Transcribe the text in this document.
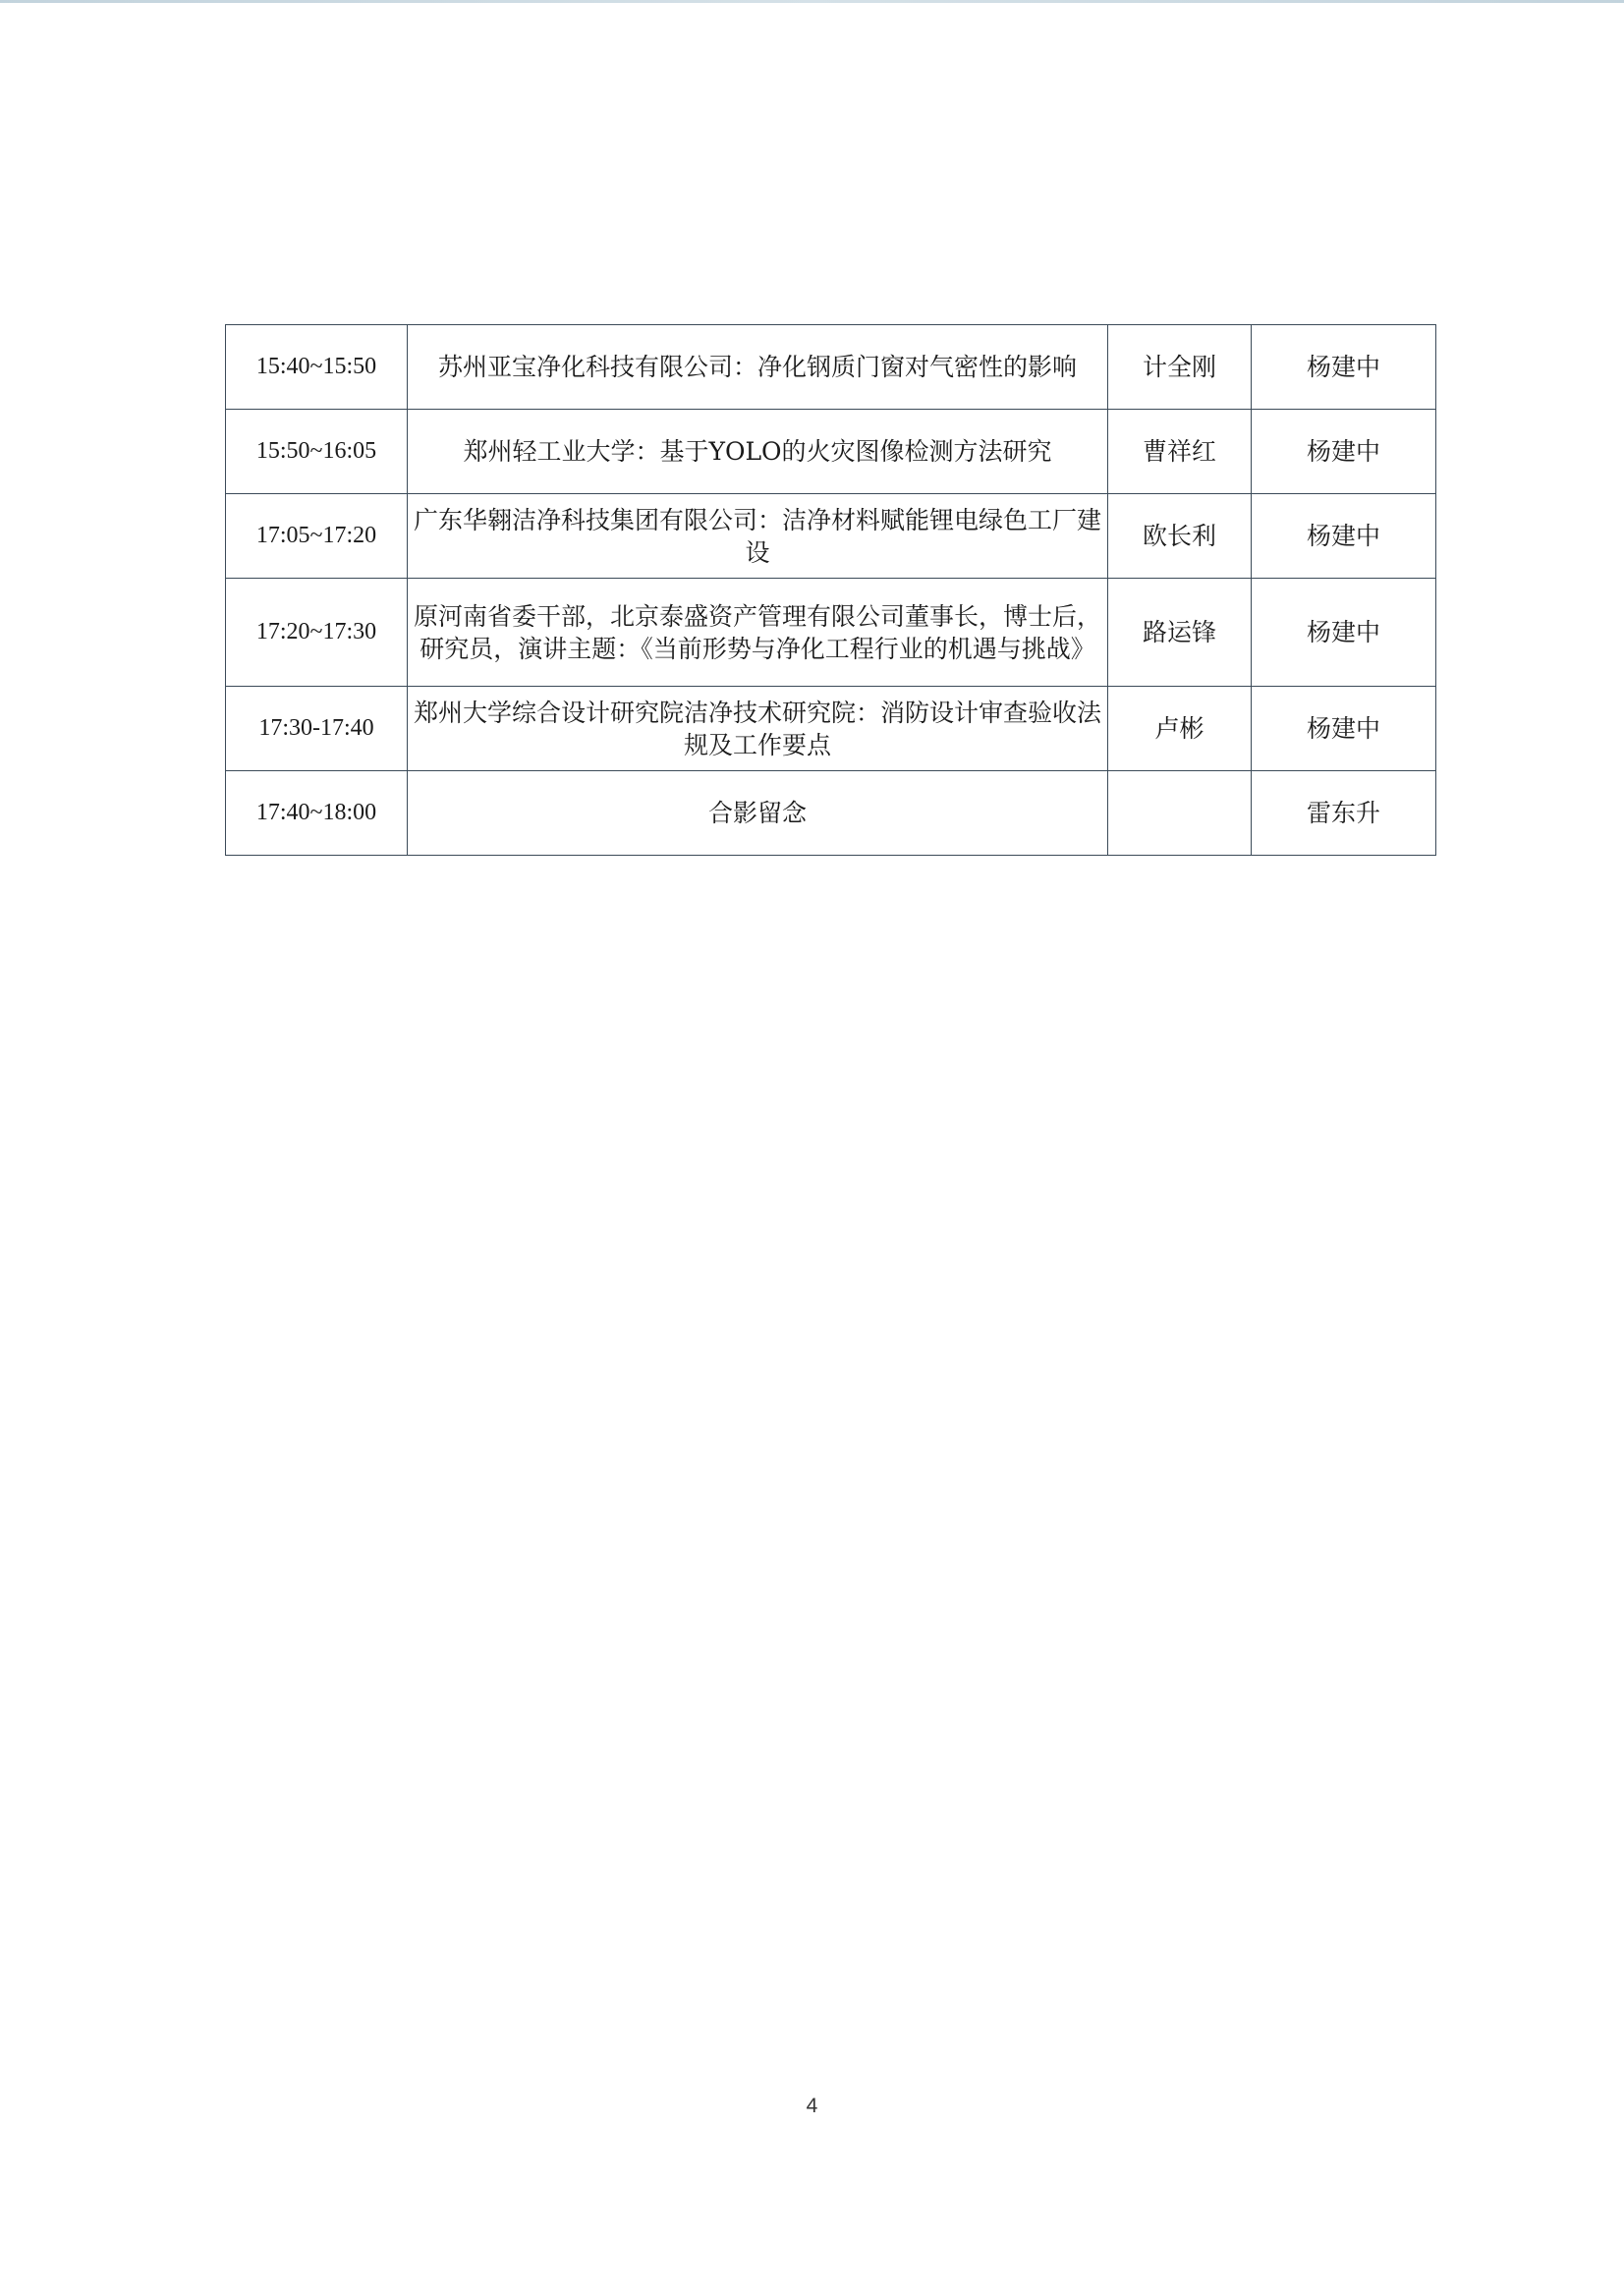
15:40~15:50	苏州亚宝净化科技有限公司：净化钢质门窗对气密性的影响	计全刚	杨建中
15:50~16:05	郑州轻工业大学：基于YOLO的火灾图像检测方法研究	曹祥红	杨建中
17:05~17:20	广东华翱洁净科技集团有限公司：洁净材料赋能锂电绿色工厂建设	欧长利	杨建中
17:20~17:30	原河南省委干部，北京泰盛资产管理有限公司董事长，博士后，研究员，演讲主题：《当前形势与净化工程行业的机遇与挑战》	路运锋	杨建中
17:30-17:40	郑州大学综合设计研究院洁净技术研究院：消防设计审查验收法规及工作要点	卢彬	杨建中
17:40~18:00	合影留念		雷东升
4
